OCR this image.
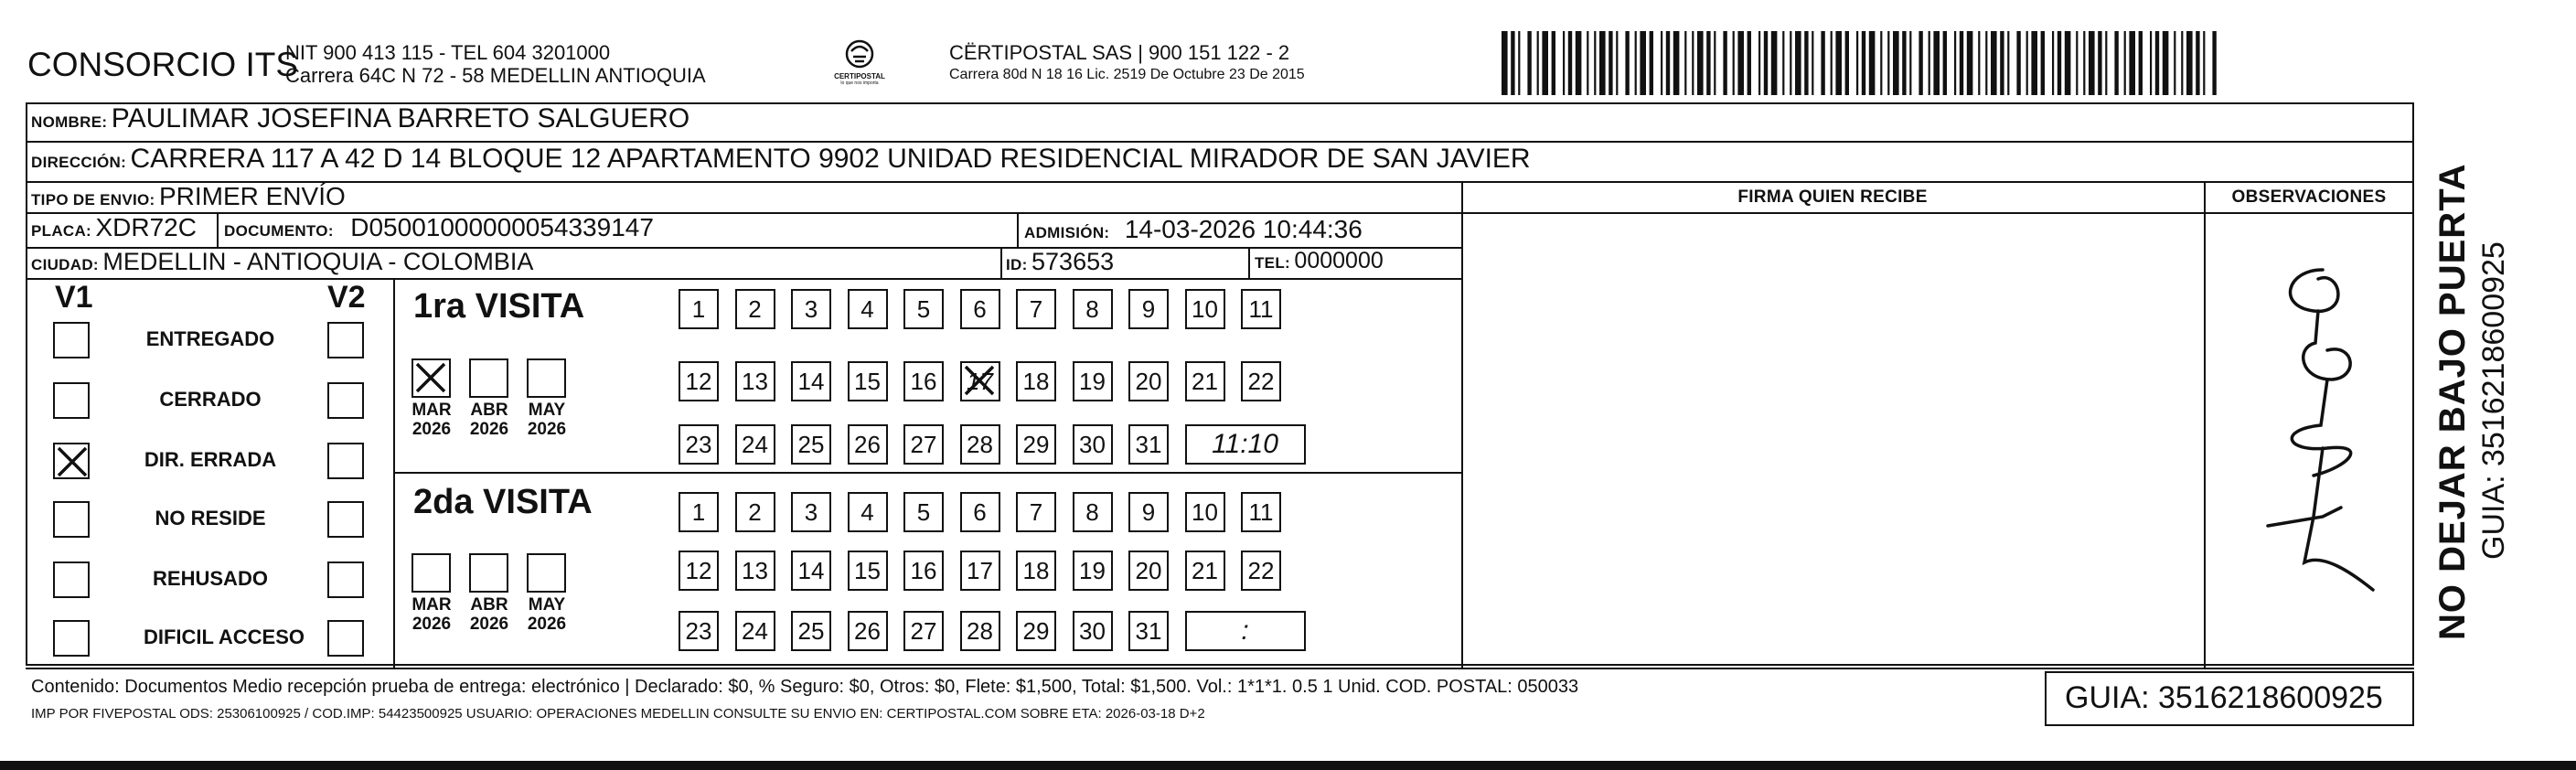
CONSORCIO ITS
NIT 900 413 115 - TEL 604 3201000
Carrera 64C N 72 - 58 MEDELLIN ANTIOQUIA	CERTIPOSTAL
lo que nos importa
CËRTIPOSTAL SAS | 900 151 122 - 2
Carrera 80d N 18 16 Lic. 2519 De Octubre 23 De 2015
NOMBRE: PAULIMAR JOSEFINA BARRETO SALGUERO
DIRECCIÓN: CARRERA 117 A 42 D 14 BLOQUE 12 APARTAMENTO 9902 UNIDAD RESIDENCIAL MIRADOR DE SAN JAVIER
TIPO DE ENVIO: PRIMER ENVÍO	FIRMA QUIEN RECIBE	OBSERVACIONES
PLACA: XDR72C DOCUMENTO: D05001000000054339147	ADMISIÓN: 14-03-2026 10:44:36
CIUDAD: MEDELLIN - ANTIOQUIA - COLOMBIA	ID: 573653	TEL: 0000000
V1	V2
ENTREGADO
CERRADO
DIR. ERRADA
NO RESIDE
REHUSADO
DIFICIL ACCESO
1ra VISITA
MAR
2026
ABR
2026
MAY
2026
1	2	3	4	5	6	7	8	9	10	11
12 13 14 15 16 17 18 19 20 21 22
23 24 25 26 27 28 29 30 31	11:10
2da VISITA
MAR
2026
ABR
2026
MAY
2026
1	2	3	4	5	6	7	8	9	10	11
12 13 14 15 16 17 18 19 20 21 22
23 24 25 26 27 28 29 30 31	:	NO DEJAR BAJO PUERTA GUIA: 3516218600925
Contenido: Documentos Medio recepción prueba de entrega: electrónico | Declarado: $0, % Seguro: $0, Otros: $0, Flete: $1,500, Total: $1,500. Vol.: 1*1*1. 0.5 1 Unid. COD. POSTAL: 050033
IMP POR FIVEPOSTAL ODS: 25306100925 / COD.IMP: 54423500925 USUARIO: OPERACIONES MEDELLIN CONSULTE SU ENVIO EN: CERTIPOSTAL.COM SOBRE ETA: 2026-03-18 D+2	GUIA: 3516218600925
